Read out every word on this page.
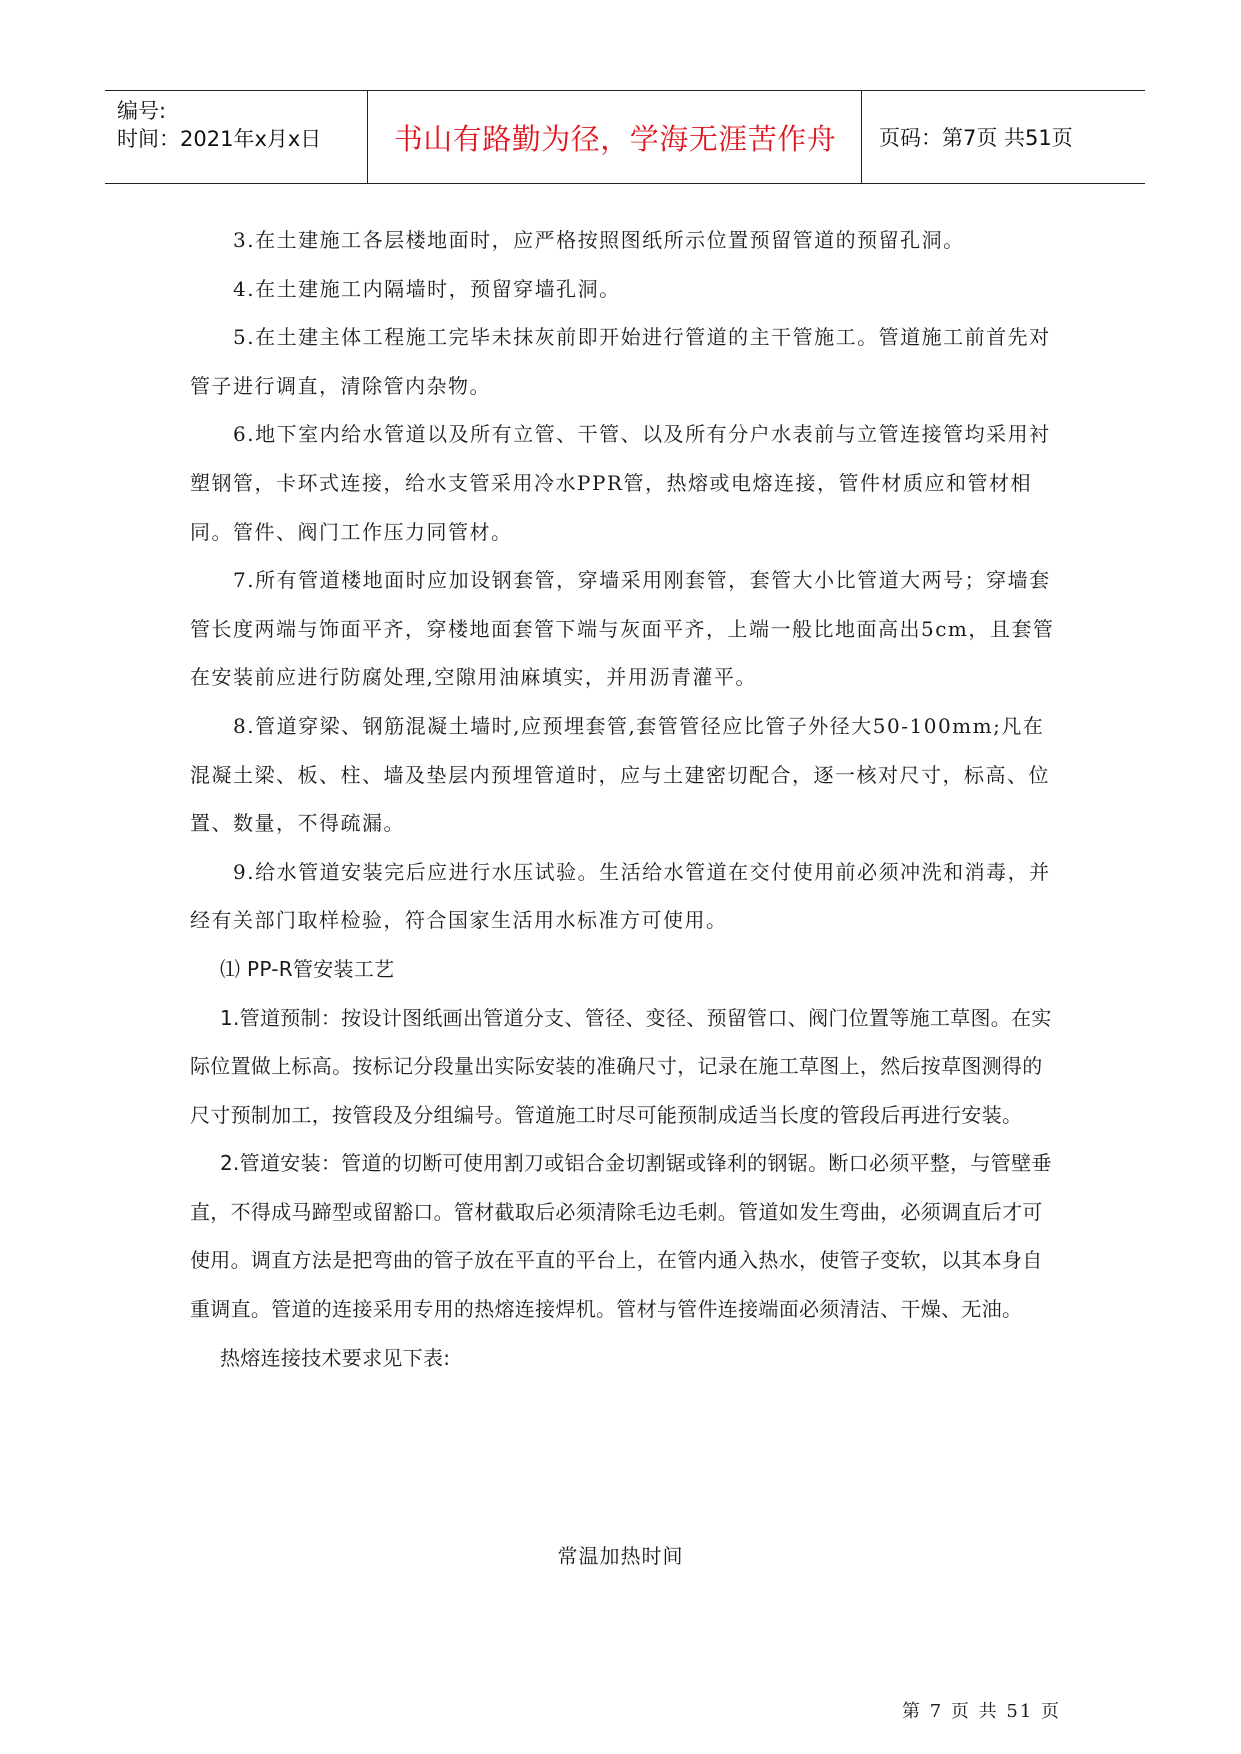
编号:
时间：2021年x月x日	书山有路勤为径，学海无涯苦作舟	页码：第7页 共51页

3.在土建施工各层楼地面时，应严格按照图纸所示位置预留管道的预留孔洞。

4.在土建施工内隔墙时，预留穿墙孔洞。

5.在土建主体工程施工完毕未抹灰前即开始进行管道的主干管施工。管道施工前首先对管子进行调直，清除管内杂物。

6.地下室内给水管道以及所有立管、干管、以及所有分户水表前与立管连接管均采用衬塑钢管，卡环式连接，给水支管采用冷水PPR管，热熔或电熔连接，管件材质应和管材相同。管件、阀门工作压力同管材。

7.所有管道楼地面时应加设钢套管，穿墙采用刚套管，套管大小比管道大两号；穿墙套管长度两端与饰面平齐，穿楼地面套管下端与灰面平齐，上端一般比地面高出5cm，且套管在安装前应进行防腐处理,空隙用油麻填实，并用沥青灌平。

8.管道穿梁、钢筋混凝土墙时,应预埋套管,套管管径应比管子外径大50-100mm;凡在混凝土梁、板、柱、墙及垫层内预埋管道时，应与土建密切配合，逐一核对尺寸，标高、位置、数量，不得疏漏。

9.给水管道安装完后应进行水压试验。生活给水管道在交付使用前必须冲洗和消毒，并经有关部门取样检验，符合国家生活用水标准方可使用。

⑴ PP-R管安装工艺

1.管道预制：按设计图纸画出管道分支、管径、变径、预留管口、阀门位置等施工草图。在实际位置做上标高。按标记分段量出实际安装的准确尺寸，记录在施工草图上，然后按草图测得的尺寸预制加工，按管段及分组编号。管道施工时尽可能预制成适当长度的管段后再进行安装。

2.管道安装：管道的切断可使用割刀或铝合金切割锯或锋利的钢锯。断口必须平整，与管壁垂直，不得成马蹄型或留豁口。管材截取后必须清除毛边毛刺。管道如发生弯曲，必须调直后才可使用。调直方法是把弯曲的管子放在平直的平台上，在管内通入热水，使管子变软，以其本身自重调直。管道的连接采用专用的热熔连接焊机。管材与管件连接端面必须清洁、干燥、无油。

热熔连接技术要求见下表:

常温加热时间
第 7 页 共 51 页
